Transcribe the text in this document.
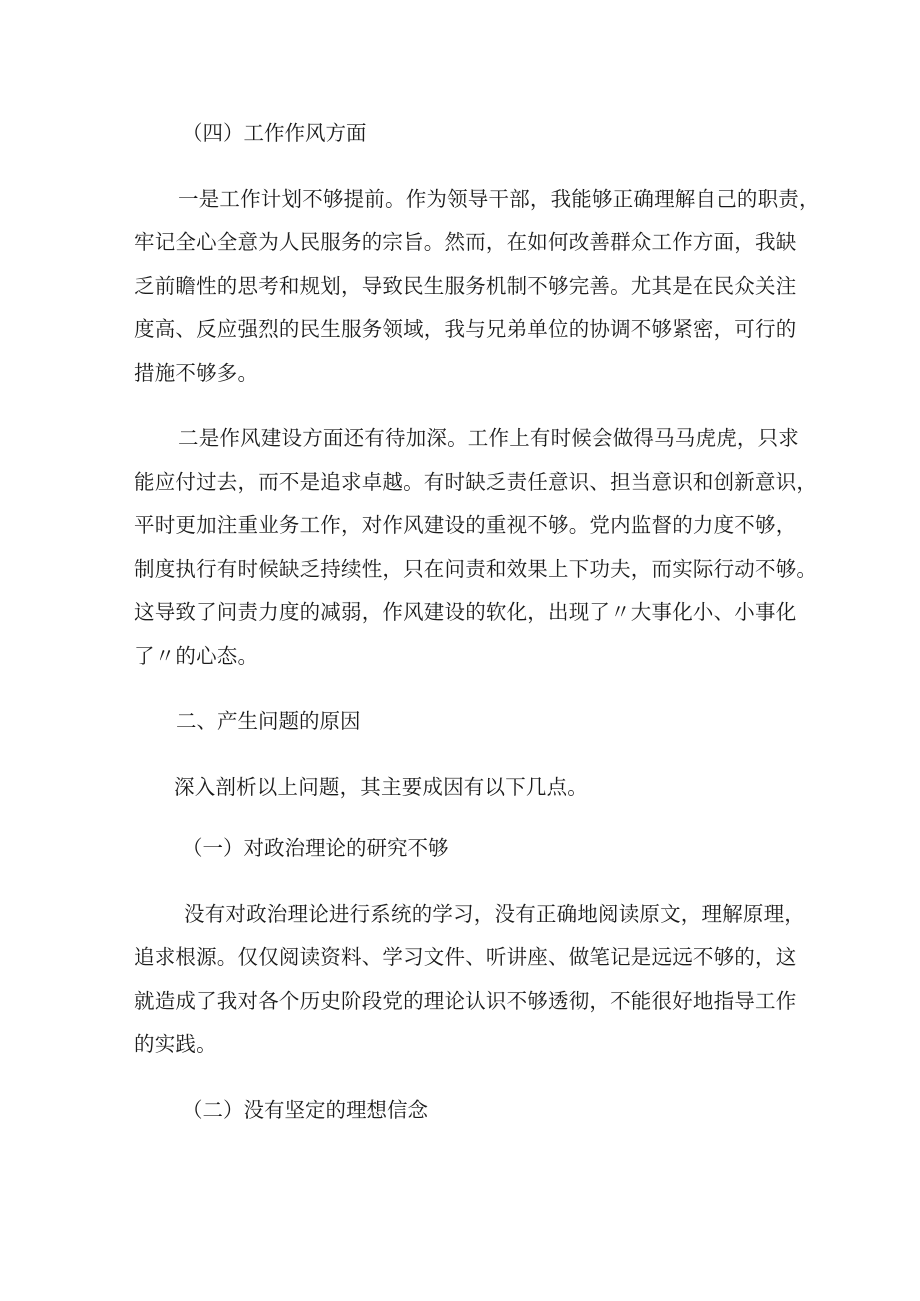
（四）工作作风方面
一是工作计划不够提前。作为领导干部，我能够正确理解自己的职责，
牢记全心全意为人民服务的宗旨。然而，在如何改善群众工作方面，我缺
乏前瞻性的思考和规划，导致民生服务机制不够完善。尤其是在民众关注
度高、反应强烈的民生服务领域，我与兄弟单位的协调不够紧密，可行的
措施不够多。
二是作风建设方面还有待加深。工作上有时候会做得马马虎虎，只求
能应付过去，而不是追求卓越。有时缺乏责任意识、担当意识和创新意识，
平时更加注重业务工作，对作风建设的重视不够。党内监督的力度不够，
制度执行有时候缺乏持续性，只在问责和效果上下功夫，而实际行动不够。
这导致了问责力度的减弱，作风建设的软化，出现了〃大事化小、小事化
了〃的心态。
二、产生问题的原因
深入剖析以上问题，其主要成因有以下几点。
（一）对政治理论的研究不够
没有对政治理论进行系统的学习，没有正确地阅读原文，理解原理，
追求根源。仅仅阅读资料、学习文件、听讲座、做笔记是远远不够的，这
就造成了我对各个历史阶段党的理论认识不够透彻，不能很好地指导工作
的实践。
（二）没有坚定的理想信念
